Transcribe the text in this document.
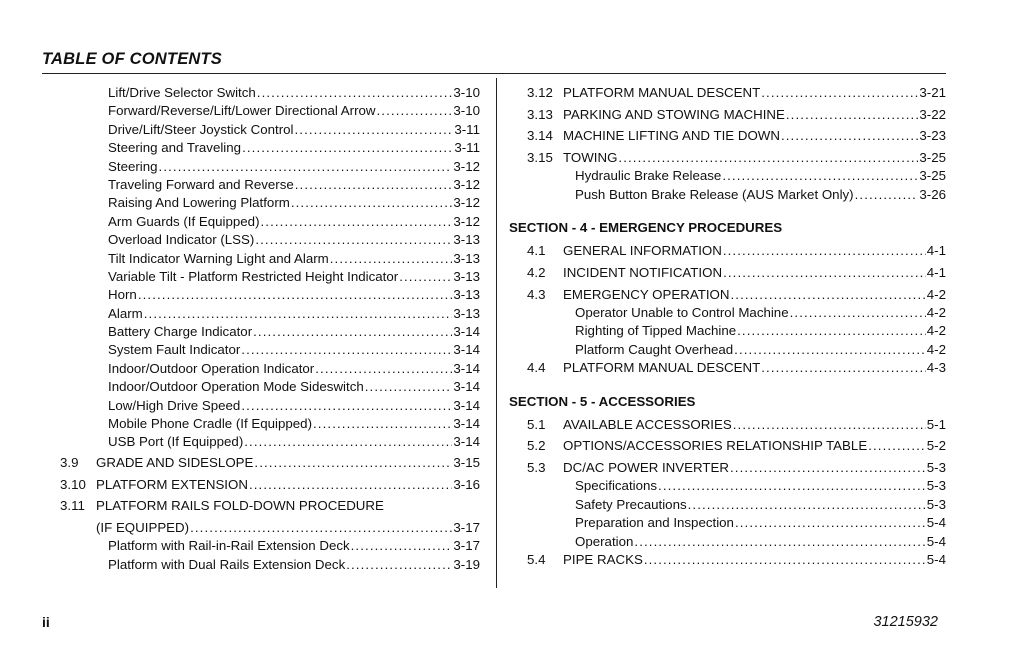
TABLE OF CONTENTS
Lift/Drive Selector Switch .....	3-10
Forward/Reverse/Lift/Lower Directional Arrow .....	3-10
Drive/Lift/Steer Joystick Control .....	3-11
Steering and Traveling .....	3-11
Steering .....	3-12
Traveling Forward and Reverse .....	3-12
Raising And Lowering Platform .....	3-12
Arm Guards (If Equipped) .....	3-12
Overload Indicator (LSS) .....	3-13
Tilt Indicator Warning Light and Alarm .....	3-13
Variable Tilt - Platform Restricted Height Indicator .....	3-13
Horn .....	3-13
Alarm .....	3-13
Battery Charge Indicator .....	3-14
System Fault Indicator .....	3-14
Indoor/Outdoor Operation Indicator .....	3-14
Indoor/Outdoor Operation Mode Sideswitch .....	3-14
Low/High Drive Speed .....	3-14
Mobile Phone Cradle (If Equipped) .....	3-14
USB Port (If Equipped) .....	3-14
3.9	GRADE AND SIDESLOPE .....	3-15
3.10 PLATFORM EXTENSION .....	3-16
3.11 PLATFORM RAILS FOLD-DOWN PROCEDURE
(IF EQUIPPED) .....	3-17
Platform with Rail-in-Rail Extension Deck .....	3-17
Platform with Dual Rails Extension Deck .....	3-19
3.12 PLATFORM MANUAL DESCENT .....	3-21
3.13 PARKING AND STOWING MACHINE .....	3-22
3.14 MACHINE LIFTING AND TIE DOWN .....	3-23
3.15 TOWING .....	3-25
Hydraulic Brake Release .....	3-25
Push Button Brake Release (AUS Market Only) .....	3-26
SECTION - 4 - EMERGENCY PROCEDURES
4.1	GENERAL INFORMATION .....	4-1
4.2	INCIDENT NOTIFICATION .....	4-1
4.3	EMERGENCY OPERATION .....	4-2
Operator Unable to Control Machine .....	4-2
Righting of Tipped Machine .....	4-2
Platform Caught Overhead .....	4-2
4.4	PLATFORM MANUAL DESCENT .....	4-3
SECTION - 5 - ACCESSORIES
5.1	AVAILABLE ACCESSORIES .....	5-1
5.2	OPTIONS/ACCESSORIES RELATIONSHIP TABLE .....	5-2
5.3	DC/AC POWER INVERTER .....	5-3
Specifications .....	5-3
Safety Precautions .....	5-3
Preparation and Inspection .....	5-4
Operation .....	5-4
5.4	PIPE RACKS .....	5-4
ii	31215932
